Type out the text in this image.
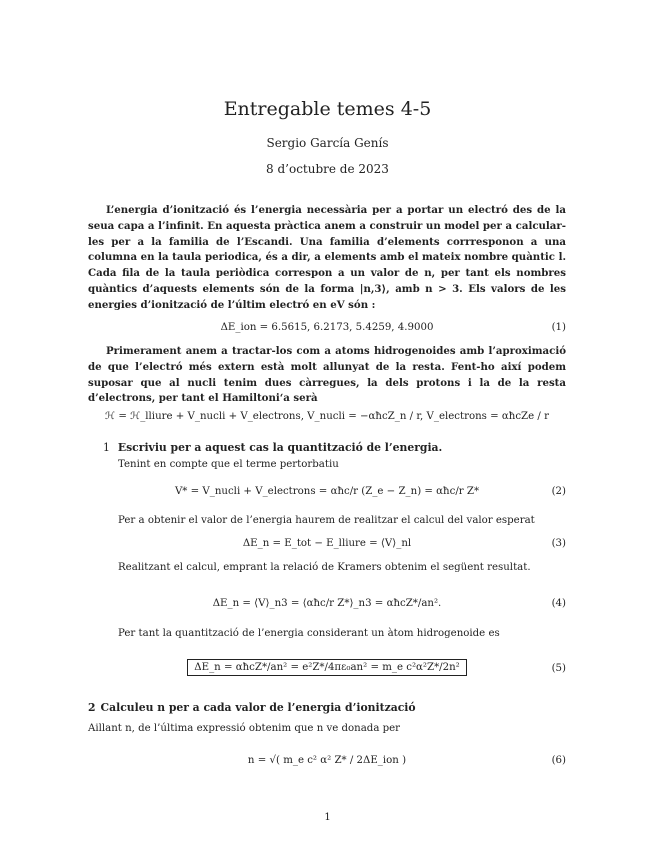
Entregable temes 4-5
Sergio García Genís
8 d’octubre de 2023
L’energia d’ionització és l’energia necessària per a portar un electró des de la seua capa a l’infinit. En aquesta pràctica anem a construir un model per a calcular-les per a la familia de l’Escandi. Una familia d’elements corrresponon a una columna en la taula periodica, és a dir, a elements amb el mateix nombre quàntic l. Cada fila de la taula periòdica correspon a un valor de n, per tant els nombres quàntics d’aquests elements són de la forma |n,3⟩, amb n > 3. Els valors de les energies d’ionització de l’últim electró en eV són :
ΔE_ion = 6.5615, 6.2173, 5.4259, 4.9000	(1)
Primerament anem a tractar-los com a atoms hidrogenoides amb l’aproximació de que l’electró més extern està molt allunyat de la resta. Fent-ho així podem suposar que al nucli tenim dues càrregues, la dels protons i la de la resta d’electrons, per tant el Hamiltoni‘a serà
ℋ = ℋ_lliure + V_nucli + V_electrons, V_nucli = −αħcZ_n / r, V_electrons = αħcZe / r
1 Escriviu per a aquest cas la quantització de l’energia.
Tenint en compte que el terme pertorbatiu
V* = V_nucli + V_electrons = αħc/r (Z_e − Z_n) = αħc/r Z*	(2)
Per a obtenir el valor de l’energia haurem de realitzar el calcul del valor esperat
ΔE_n = E_tot − E_lliure = ⟨V⟩_nl	(3)
Realitzant el calcul, emprant la relació de Kramers obtenim el següent resultat.
ΔE_n = ⟨V⟩_n3 = ⟨αħc/r Z*⟩_n3 = αħcZ*/an².	(4)
Per tant la quantització de l’energia considerant un àtom hidrogenoide es
ΔE_n = αħcZ*/an² = e²Z*/4πε₀an² = m_e c²α²Z*/2n²	(5)
2 Calculeu n per a cada valor de l’energia d’ionització
Aillant n, de l’última expressió obtenim que n ve donada per
n = √( m_e c² α² Z* / 2ΔE_ion )	(6)
1
